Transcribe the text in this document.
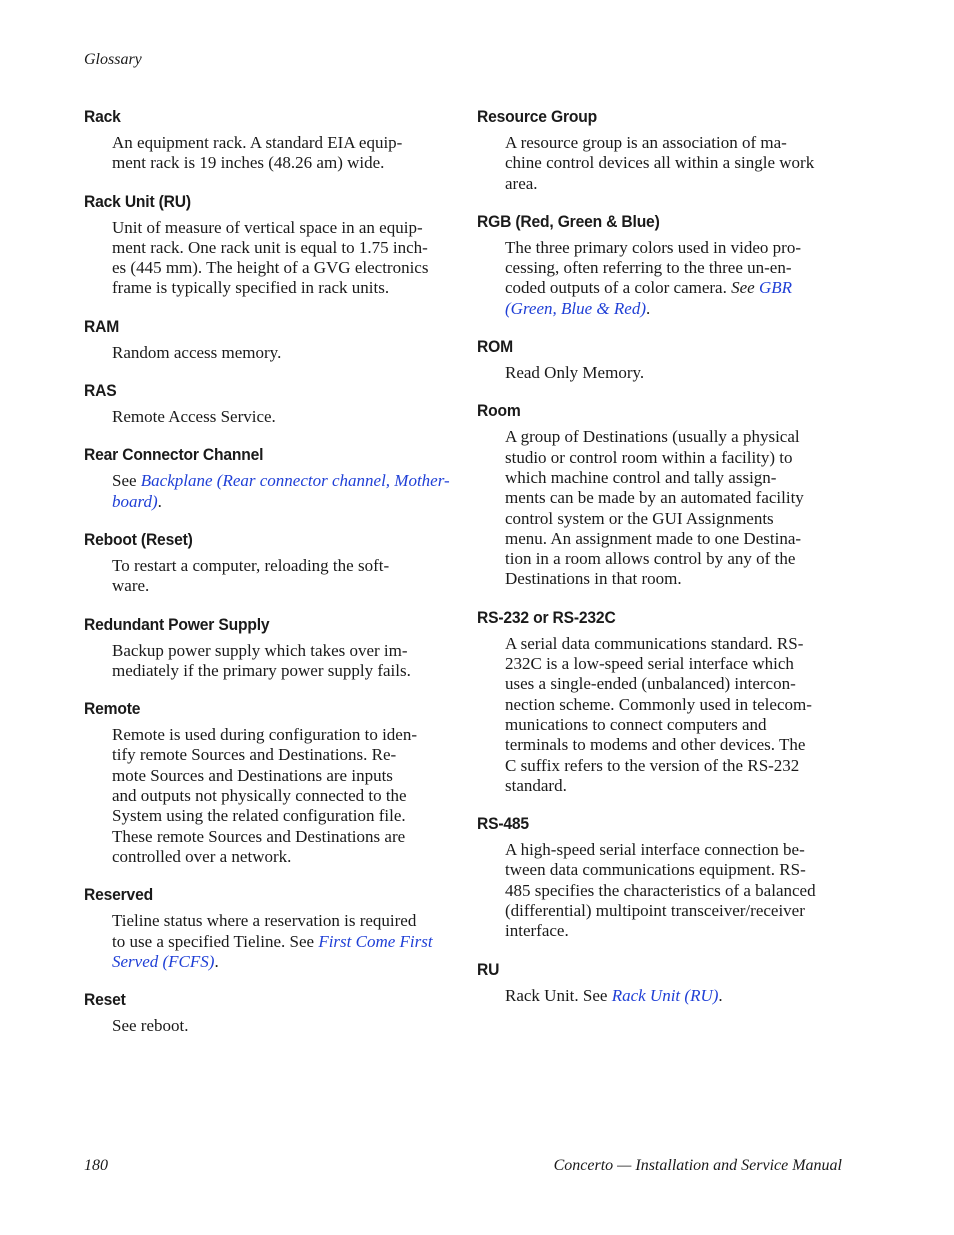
Glossary
Rack
An equipment rack. A standard EIA equip-
ment rack is 19 inches (48.26 am) wide.
Rack Unit (RU)
Unit of measure of vertical space in an equip-
ment rack. One rack unit is equal to 1.75 inch-
es (445 mm). The height of a GVG electronics
frame is typically specified in rack units.
RAM
Random access memory.
RAS
Remote Access Service.
Rear Connector Channel
See Backplane (Rear connector channel, Mother-
board).
Reboot (Reset)
To restart a computer, reloading the soft-
ware.
Redundant Power Supply
Backup power supply which takes over im-
mediately if the primary power supply fails.
Remote
Remote is used during configuration to iden-
tify remote Sources and Destinations. Re-
mote Sources and Destinations are inputs
and outputs not physically connected to the
System using the related configuration file.
These remote Sources and Destinations are
controlled over a network.
Reserved
Tieline status where a reservation is required
to use a specified Tieline. See First Come First
Served (FCFS).
Reset
See reboot.
Resource Group
A resource group is an association of ma-
chine control devices all within a single work
area.
RGB (Red, Green & Blue)
The three primary colors used in video pro-
cessing, often referring to the three un-en-
coded outputs of a color camera. See GBR
(Green, Blue & Red).
ROM
Read Only Memory.
Room
A group of Destinations (usually a physical
studio or control room within a facility) to
which machine control and tally assign-
ments can be made by an automated facility
control system or the GUI Assignments
menu. An assignment made to one Destina-
tion in a room allows control by any of the
Destinations in that room.
RS-232 or RS-232C
A serial data communications standard. RS-
232C is a low-speed serial interface which
uses a single-ended (unbalanced) intercon-
nection scheme. Commonly used in telecom-
munications to connect computers and
terminals to modems and other devices. The
C suffix refers to the version of the RS-232
standard.
RS-485
A high-speed serial interface connection be-
tween data communications equipment. RS-
485 specifies the characteristics of a balanced
(differential) multipoint transceiver/receiver
interface.
RU
Rack Unit. See Rack Unit (RU).
180	Concerto — Installation and Service Manual
